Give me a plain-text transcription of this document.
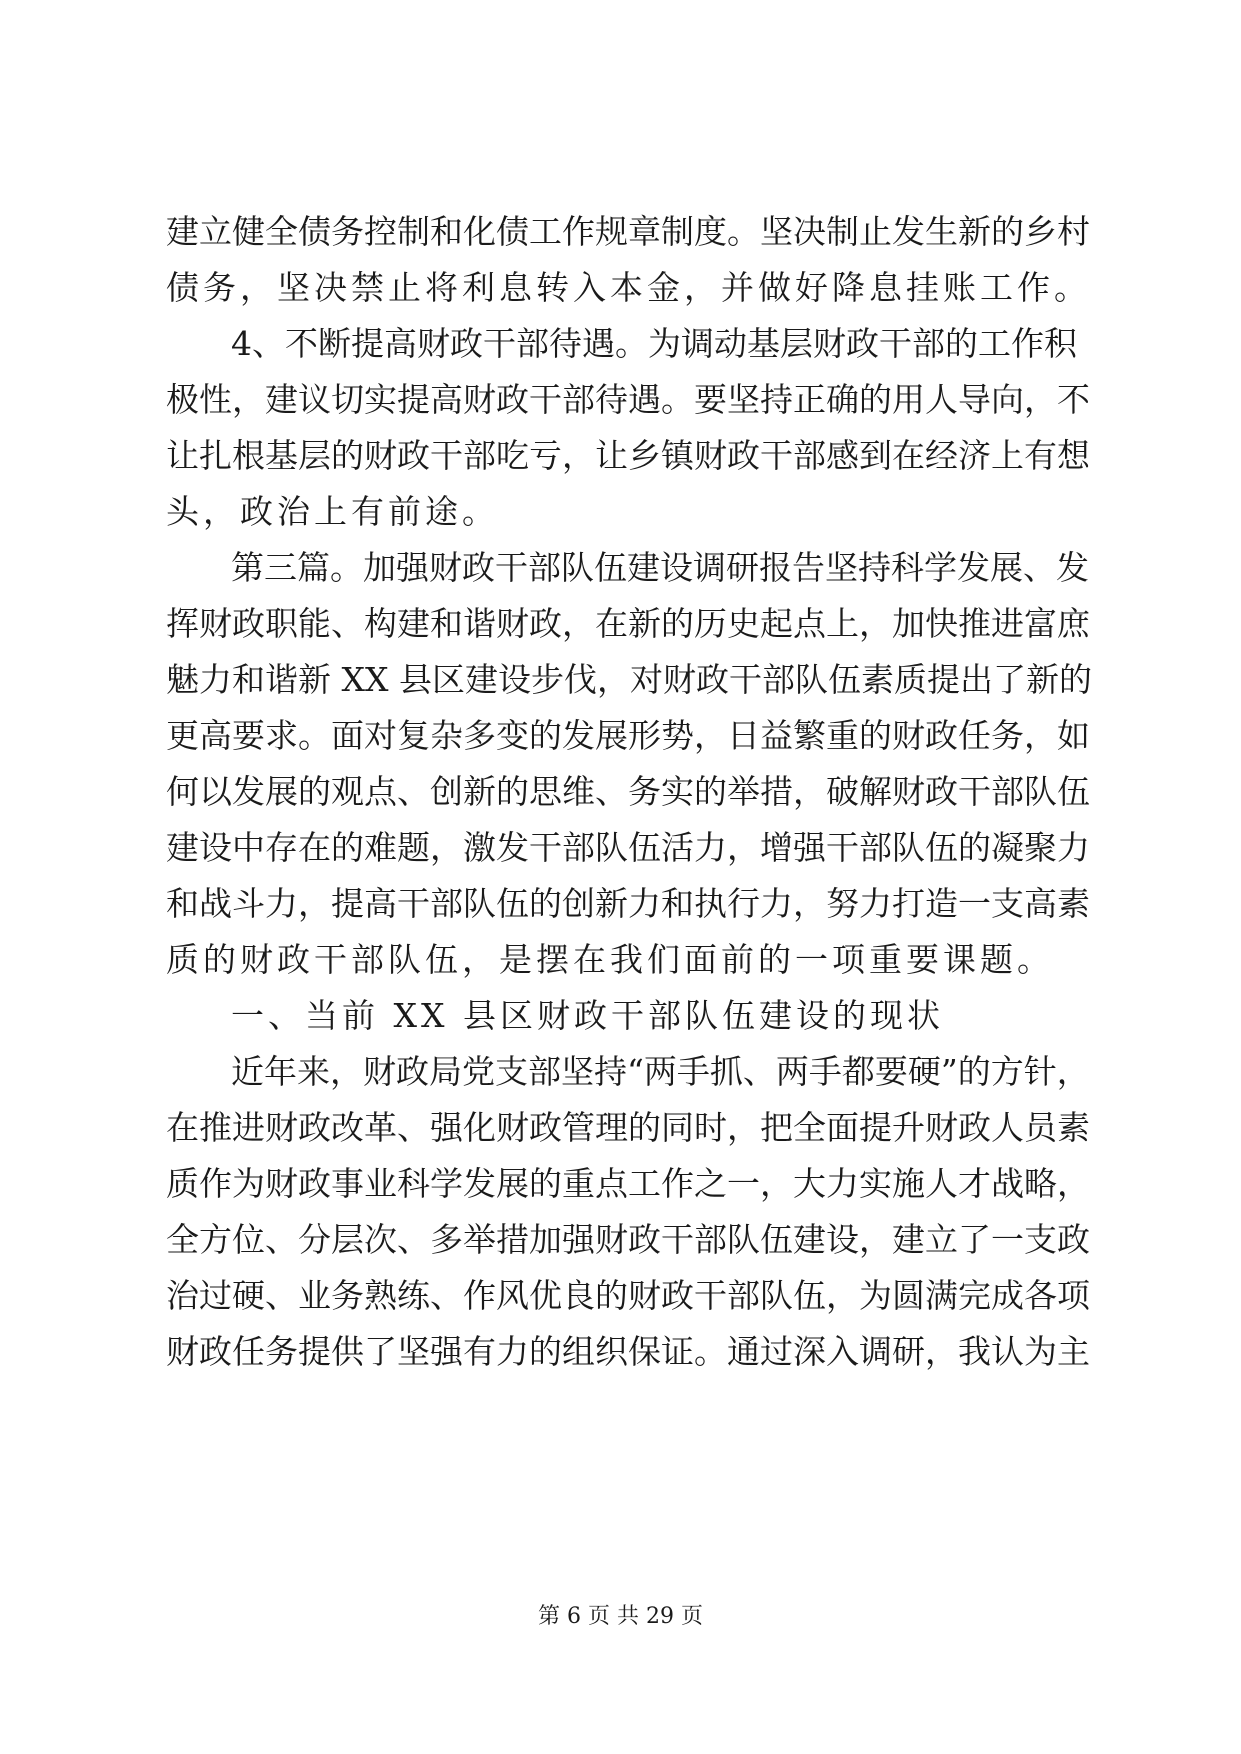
建立健全债务控制和化债工作规章制度。坚决制止发生新的乡村
债务，坚决禁止将利息转入本金，并做好降息挂账工作。
4、不断提高财政干部待遇。为调动基层财政干部的工作积
极性，建议切实提高财政干部待遇。要坚持正确的用人导向，不
让扎根基层的财政干部吃亏，让乡镇财政干部感到在经济上有想
头，政治上有前途。
第三篇。加强财政干部队伍建设调研报告坚持科学发展、发
挥财政职能、构建和谐财政，在新的历史起点上，加快推进富庶
魅力和谐新 XX 县区建设步伐，对财政干部队伍素质提出了新的
更高要求。面对复杂多变的发展形势，日益繁重的财政任务，如
何以发展的观点、创新的思维、务实的举措，破解财政干部队伍
建设中存在的难题，激发干部队伍活力，增强干部队伍的凝聚力
和战斗力，提高干部队伍的创新力和执行力，努力打造一支高素
质的财政干部队伍，是摆在我们面前的一项重要课题。
一、当前 XX 县区财政干部队伍建设的现状
近年来，财政局党支部坚持“两手抓、两手都要硬”的方针，
在推进财政改革、强化财政管理的同时，把全面提升财政人员素
质作为财政事业科学发展的重点工作之一，大力实施人才战略，
全方位、分层次、多举措加强财政干部队伍建设，建立了一支政
治过硬、业务熟练、作风优良的财政干部队伍，为圆满完成各项
财政任务提供了坚强有力的组织保证。通过深入调研，我认为主
第 6 页 共 29 页
